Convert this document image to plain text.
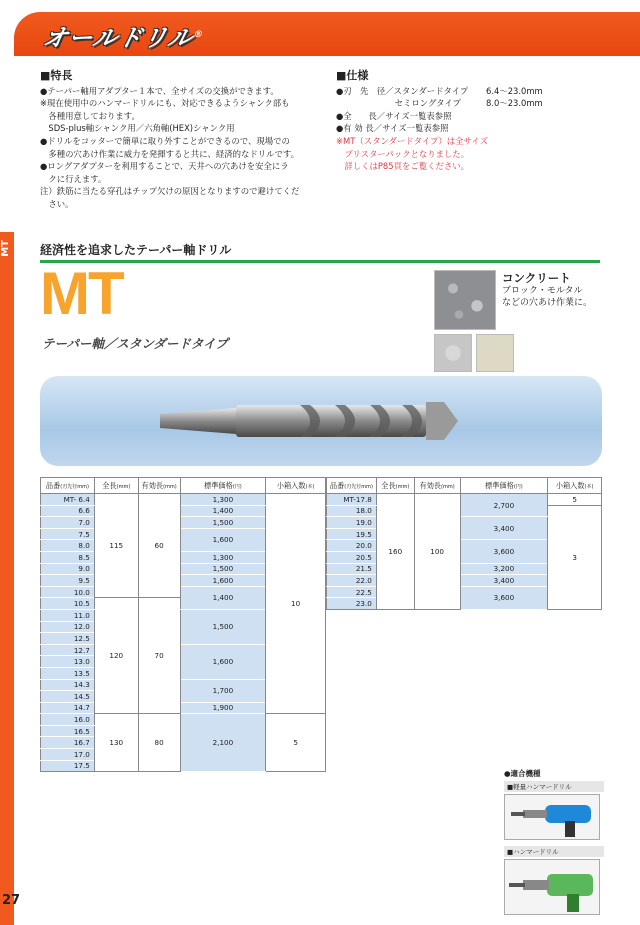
オールドリル®
MT
27
■特長
●テーパー軸用アダプター１本で、全サイズの交換ができます。
※現在使用中のハンマードリルにも、対応できるようシャンク部も
　各種用意しております。
　SDS-plus軸シャンク用／六角軸(HEX)シャンク用
●ドリルをコッターで簡単に取り外すことができるので、現場での
　多種の穴あけ作業に威力を発揮すると共に、経済的なドリルです。
●ロングアダプターを利用することで、天井への穴あけを安全にラ
　クに行えます。
注）鉄筋に当たる穿孔はチップ欠けの原因となりますので避けてくだ
　さい。
■仕様
●刃　先　径／スタンダードタイプ	6.4～23.0mm
　　　　　　　セミロングタイプ	8.0～23.0mm
●全　　長／サイズ一覧表参照
●有 効 長／サイズ一覧表参照
※MT（スタンダードタイプ）は全サイズ
　ブリスターパックとなりました。
　詳しくはP85頁をご覧ください。
経済性を追求したテーパー軸ドリル
MT
テーパー軸／スタンダードタイプ
コンクリート
ブロック・モルタル
などの穴あけ作業に。
品番(刃先径mm)	全長(mm)	有効長(mm)	標準価格(円)	小箱入数(本)
MT- 6.4	115	60	1,300	10
6.6			1,400	
7.0			1,500	
7.5			1,600	
8.0				
8.5			1,300	
9.0			1,500	
9.5			1,600	
10.0			1,400	
10.5	120	70		
11.0			1,500	
12.0				
12.5				
12.7			1,600	
13.0				
13.5				
14.3			1,700	
14.5				
14.7			1,900	
16.0	130	80	2,100	5
16.5				
16.7				
17.0				
17.5				
品番(刃先径mm)	全長(mm)	有効長(mm)	標準価格(円)	小箱入数(本)
MT-17.8	160	100	2,700	5
18.0				3
19.0			3,400	
19.5				
20.0			3,600	
20.5				
21.5			3,200	
22.0			3,400	
22.5			3,600	
23.0				
●適合機種
■軽量ハンマードリル
■ハンマードリル
